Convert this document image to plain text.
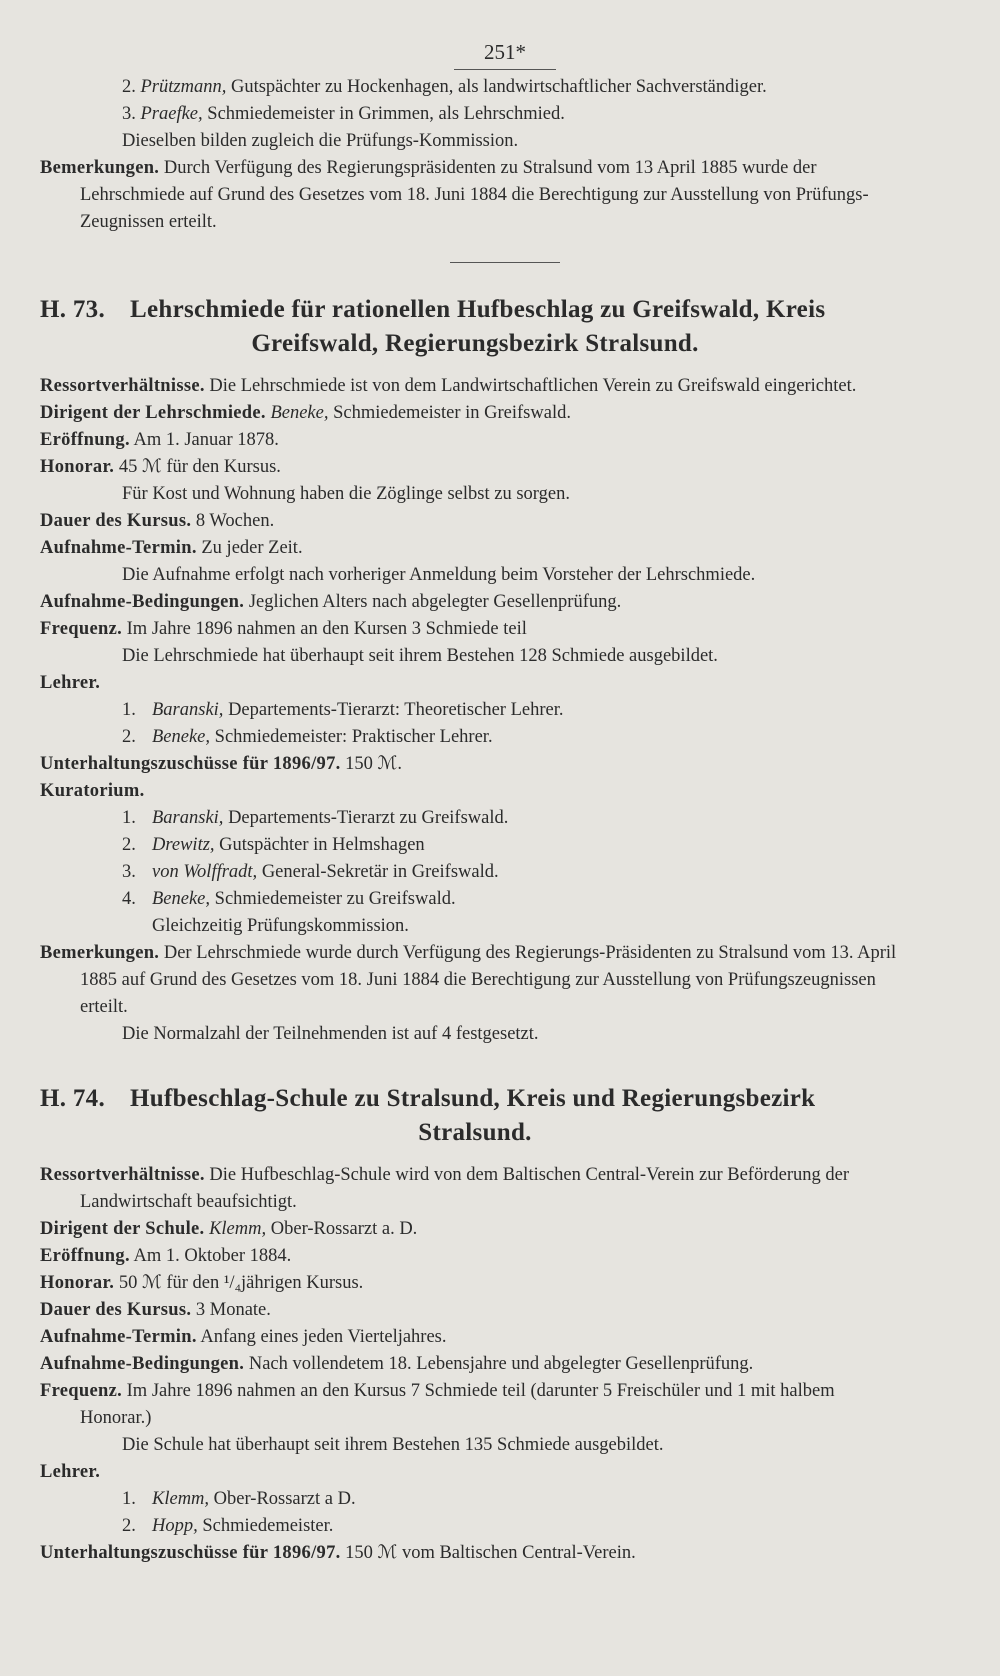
251*

2. Prützmann, Gutspächter zu Hockenhagen, als landwirtschaftlicher Sachverständiger.

3. Praefke, Schmiedemeister in Grimmen, als Lehrschmied.

Dieselben bilden zugleich die Prüfungs-Kommission.

Bemerkungen. Durch Verfügung des Regierungspräsidenten zu Stralsund vom 13 April 1885 wurde der Lehrschmiede auf Grund des Gesetzes vom 18. Juni 1884 die Berechtigung zur Ausstellung von Prüfungs-Zeugnissen erteilt.

H. 73. Lehrschmiede für rationellen Hufbeschlag zu Greifswald, Kreis

Greifswald, Regierungsbezirk Stralsund.

Ressortverhältnisse. Die Lehrschmiede ist von dem Landwirtschaftlichen Verein zu Greifswald eingerichtet.

Dirigent der Lehrschmiede. Beneke, Schmiedemeister in Greifswald.

Eröffnung. Am 1. Januar 1878.

Honorar. 45 ℳ für den Kursus.

Für Kost und Wohnung haben die Zöglinge selbst zu sorgen.

Dauer des Kursus. 8 Wochen.

Aufnahme-Termin. Zu jeder Zeit.

Die Aufnahme erfolgt nach vorheriger Anmeldung beim Vorsteher der Lehrschmiede.

Aufnahme-Bedingungen. Jeglichen Alters nach abgelegter Gesellenprüfung.

Frequenz. Im Jahre 1896 nahmen an den Kursen 3 Schmiede teil

Die Lehrschmiede hat überhaupt seit ihrem Bestehen 128 Schmiede ausgebildet.

Lehrer.

1. Baranski, Departements-Tierarzt: Theoretischer Lehrer.

2. Beneke, Schmiedemeister: Praktischer Lehrer.

Unterhaltungszuschüsse für 1896/97. 150 ℳ.

Kuratorium.

1. Baranski, Departements-Tierarzt zu Greifswald.

2. Drewitz, Gutspächter in Helmshagen

3. von Wolffradt, General-Sekretär in Greifswald.

4. Beneke, Schmiedemeister zu Greifswald.

Gleichzeitig Prüfungskommission.

Bemerkungen. Der Lehrschmiede wurde durch Verfügung des Regierungs-Präsidenten zu Stralsund vom 13. April 1885 auf Grund des Gesetzes vom 18. Juni 1884 die Berechtigung zur Ausstellung von Prüfungszeugnissen erteilt.

Die Normalzahl der Teilnehmenden ist auf 4 festgesetzt.

H. 74. Hufbeschlag-Schule zu Stralsund, Kreis und Regierungsbezirk

Stralsund.

Ressortverhältnisse. Die Hufbeschlag-Schule wird von dem Baltischen Central-Verein zur Beförderung der Landwirtschaft beaufsichtigt.

Dirigent der Schule. Klemm, Ober-Rossarzt a. D.

Eröffnung. Am 1. Oktober 1884.

Honorar. 50 ℳ für den ¹/₄jährigen Kursus.

Dauer des Kursus. 3 Monate.

Aufnahme-Termin. Anfang eines jeden Vierteljahres.

Aufnahme-Bedingungen. Nach vollendetem 18. Lebensjahre und abgelegter Gesellenprüfung.

Frequenz. Im Jahre 1896 nahmen an den Kursus 7 Schmiede teil (darunter 5 Freischüler und 1 mit halbem Honorar.)

Die Schule hat überhaupt seit ihrem Bestehen 135 Schmiede ausgebildet.

Lehrer.

1. Klemm, Ober-Rossarzt a D.

2. Hopp, Schmiedemeister.

Unterhaltungszuschüsse für 1896/97. 150 ℳ vom Baltischen Central-Verein.
